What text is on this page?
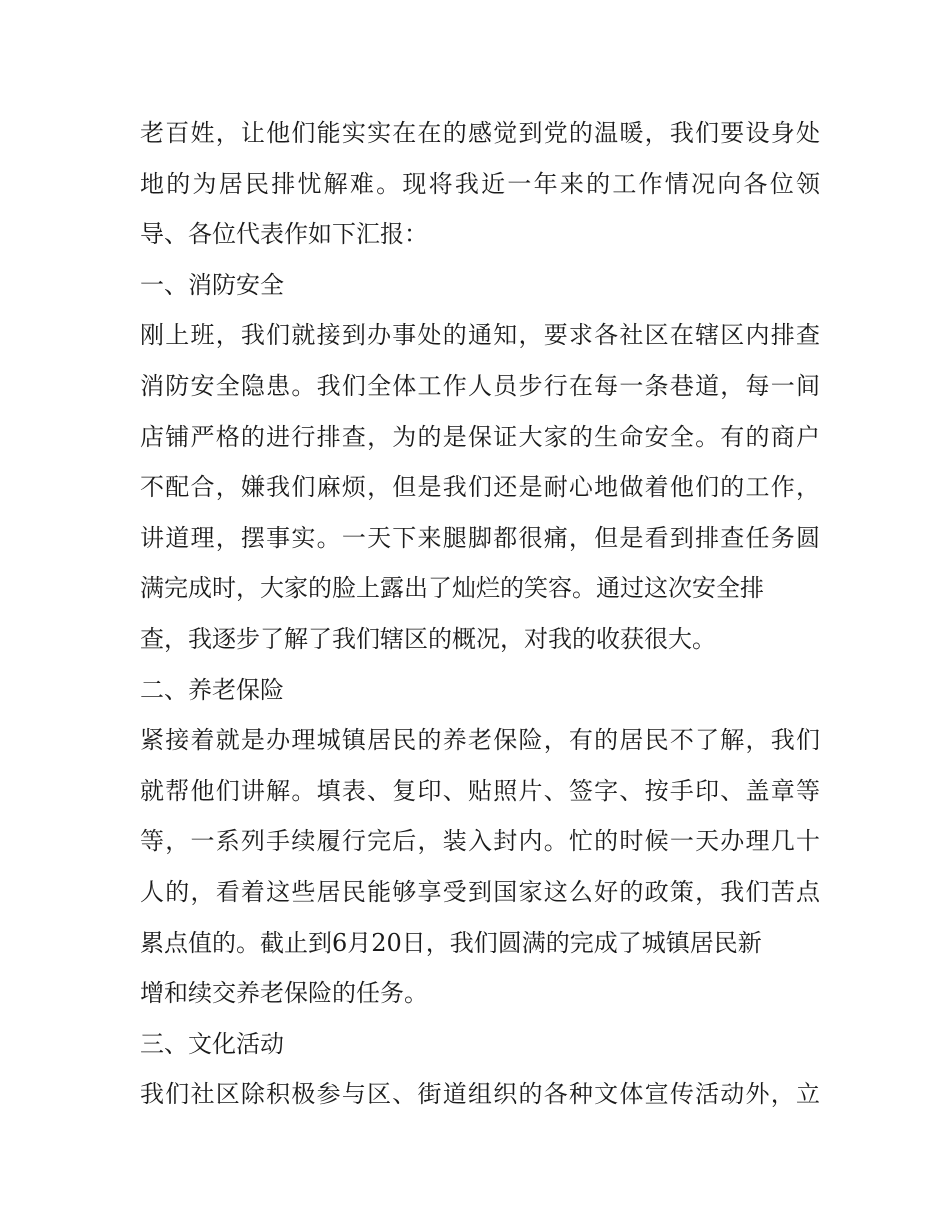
老百姓，让他们能实实在在的感觉到党的温暖，我们要设身处
地的为居民排忧解难。现将我近一年来的工作情况向各位领
导、各位代表作如下汇报：
一、消防安全
刚上班，我们就接到办事处的通知，要求各社区在辖区内排查
消防安全隐患。我们全体工作人员步行在每一条巷道，每一间
店铺严格的进行排查，为的是保证大家的生命安全。有的商户
不配合，嫌我们麻烦，但是我们还是耐心地做着他们的工作，
讲道理，摆事实。一天下来腿脚都很痛，但是看到排查任务圆
满完成时，大家的脸上露出了灿烂的笑容。通过这次安全排
查，我逐步了解了我们辖区的概况，对我的收获很大。
二、养老保险
紧接着就是办理城镇居民的养老保险，有的居民不了解，我们
就帮他们讲解。填表、复印、贴照片、签字、按手印、盖章等
等，一系列手续履行完后，装入封内。忙的时候一天办理几十
人的，看着这些居民能够享受到国家这么好的政策，我们苦点
累点值的。截止到6月20日，我们圆满的完成了城镇居民新
增和续交养老保险的任务。
三、文化活动
我们社区除积极参与区、街道组织的各种文体宣传活动外，立
